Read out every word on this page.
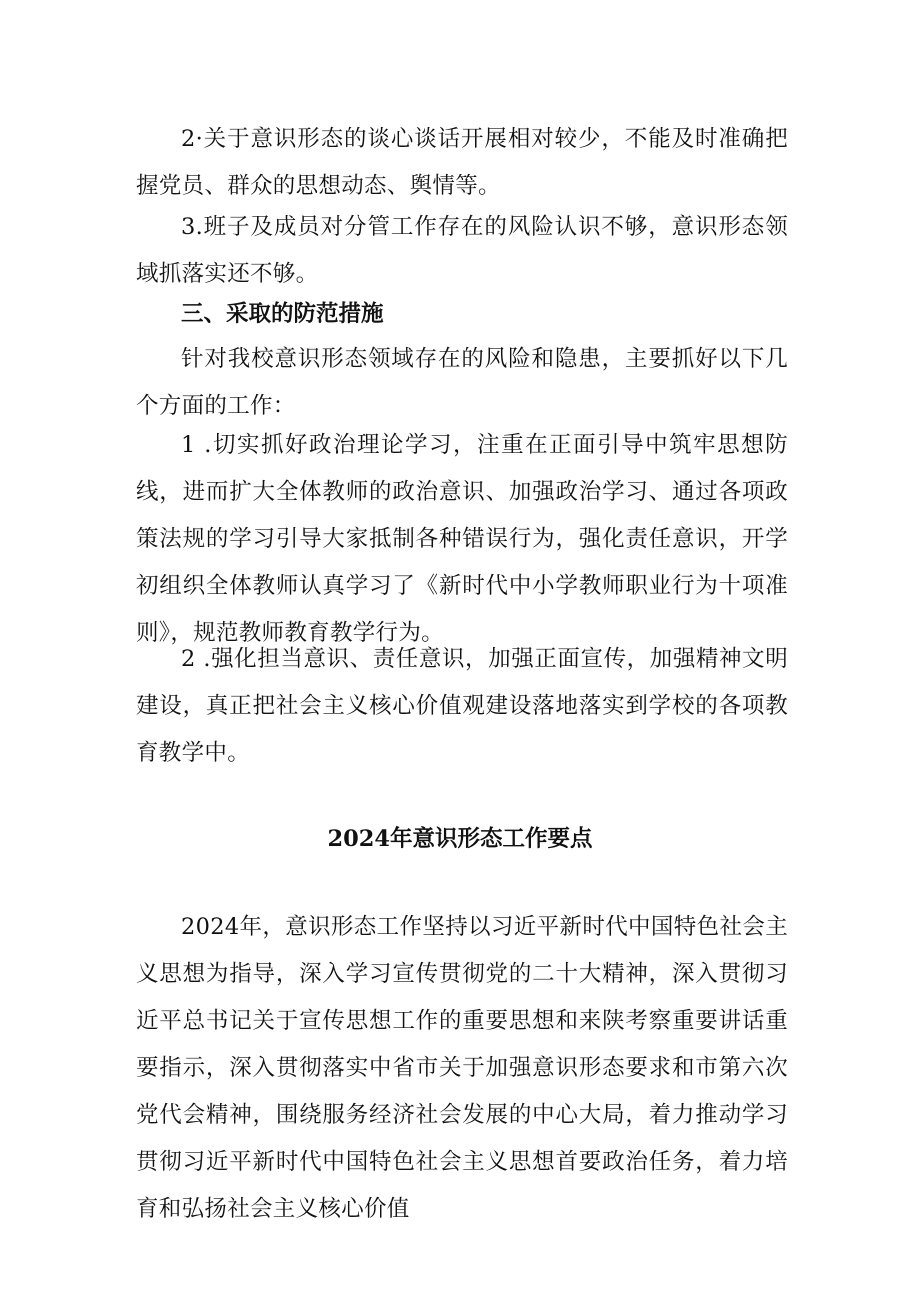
2·关于意识形态的谈心谈话开展相对较少，不能及时准确把握党员、群众的思想动态、舆情等。

3.班子及成员对分管工作存在的风险认识不够，意识形态领域抓落实还不够。

三、采取的防范措施

针对我校意识形态领域存在的风险和隐患，主要抓好以下几个方面的工作：

1 .切实抓好政治理论学习，注重在正面引导中筑牢思想防线，进而扩大全体教师的政治意识、加强政治学习、通过各项政策法规的学习引导大家抵制各种错误行为，强化责任意识，开学初组织全体教师认真学习了《新时代中小学教师职业行为十项准则》，规范教师教育教学行为。

2 .强化担当意识、责任意识，加强正面宣传，加强精神文明建设，真正把社会主义核心价值观建设落地落实到学校的各项教育教学中。

2024年意识形态工作要点

2024年，意识形态工作坚持以习近平新时代中国特色社会主义思想为指导，深入学习宣传贯彻党的二十大精神，深入贯彻习近平总书记关于宣传思想工作的重要思想和来陕考察重要讲话重要指示，深入贯彻落实中省市关于加强意识形态要求和市第六次党代会精神，围绕服务经济社会发展的中心大局，着力推动学习贯彻习近平新时代中国特色社会主义思想首要政治任务，着力培育和弘扬社会主义核心价值
